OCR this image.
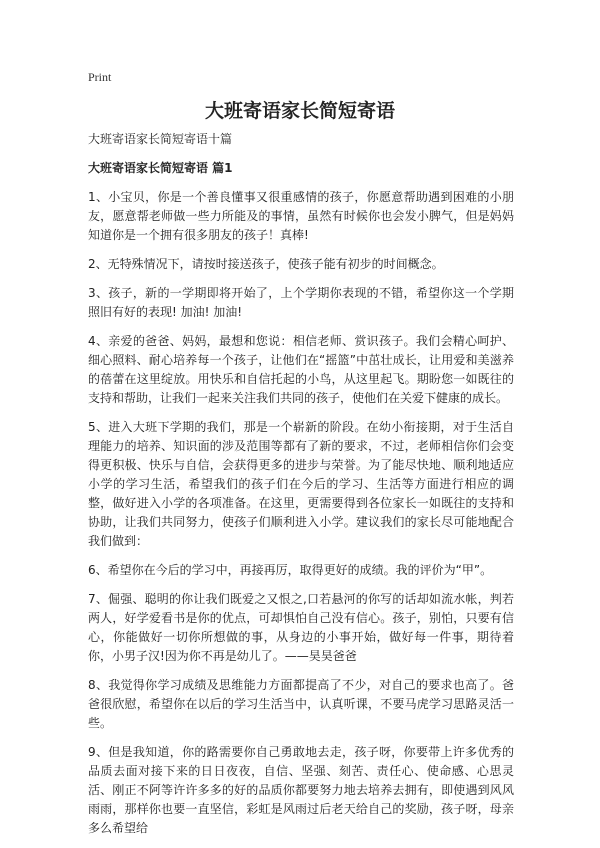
Print
大班寄语家长简短寄语

大班寄语家长简短寄语十篇

大班寄语家长简短寄语 篇1

1、小宝贝，你是一个善良懂事又很重感情的孩子，你愿意帮助遇到困难的小朋友，愿意帮老师做一些力所能及的事情，虽然有时候你也会发小脾气，但是妈妈知道你是一个拥有很多朋友的孩子！真棒!

2、无特殊情况下，请按时接送孩子，使孩子能有初步的时间概念。

3、孩子，新的一学期即将开始了，上个学期你表现的不错，希望你这一个学期照旧有好的表现! 加油! 加油!

4、亲爱的爸爸、妈妈，最想和您说：相信老师、赏识孩子。我们会精心呵护、细心照料、耐心培养每一个孩子，让他们在“摇篮”中茁壮成长，让用爱和美滋养的蓓蕾在这里绽放。用快乐和自信托起的小鸟，从这里起飞。期盼您一如既往的支持和帮助，让我们一起来关注我们共同的孩子，使他们在关爱下健康的成长。

5、进入大班下学期的我们，那是一个崭新的阶段。在幼小衔接期，对于生活自理能力的培养、知识面的涉及范围等都有了新的要求，不过，老师相信你们会变得更积极、快乐与自信，会获得更多的进步与荣誉。为了能尽快地、顺利地适应小学的学习生活，希望我们的孩子们在今后的学习、生活等方面进行相应的调整，做好进入小学的各项准备。在这里，更需要得到各位家长一如既往的支持和协助，让我们共同努力，使孩子们顺利进入小学。建议我们的家长尽可能地配合我们做到：

6、希望你在今后的学习中，再接再厉，取得更好的成绩。我的评价为“甲”。

7、倔强、聪明的你让我们既爱之又恨之,口若悬河的你写的话却如流水帐，判若两人，好学爱看书是你的优点，可却惧怕自己没有信心。孩子，别怕，只要有信心，你能做好一切你所想做的事，从身边的小事开始，做好每一件事，期待着你，小男子汉!因为你不再是幼儿了。——昊昊爸爸

8、我觉得你学习成绩及思维能力方面都提高了不少，对自己的要求也高了。爸爸很欣慰，希望你在以后的学习生活当中，认真听课，不要马虎学习思路灵活一些。

9、但是我知道，你的路需要你自己勇敢地去走，孩子呀，你要带上许多优秀的品质去面对接下来的日日夜夜，自信、坚强、刻苦、责任心、使命感、心思灵活、刚正不阿等许许多多的好的品质你都要努力地去培养去拥有，即使遇到风风雨雨，那样你也要一直坚信，彩虹是风雨过后老天给自己的奖励，孩子呀，母亲多么希望给
